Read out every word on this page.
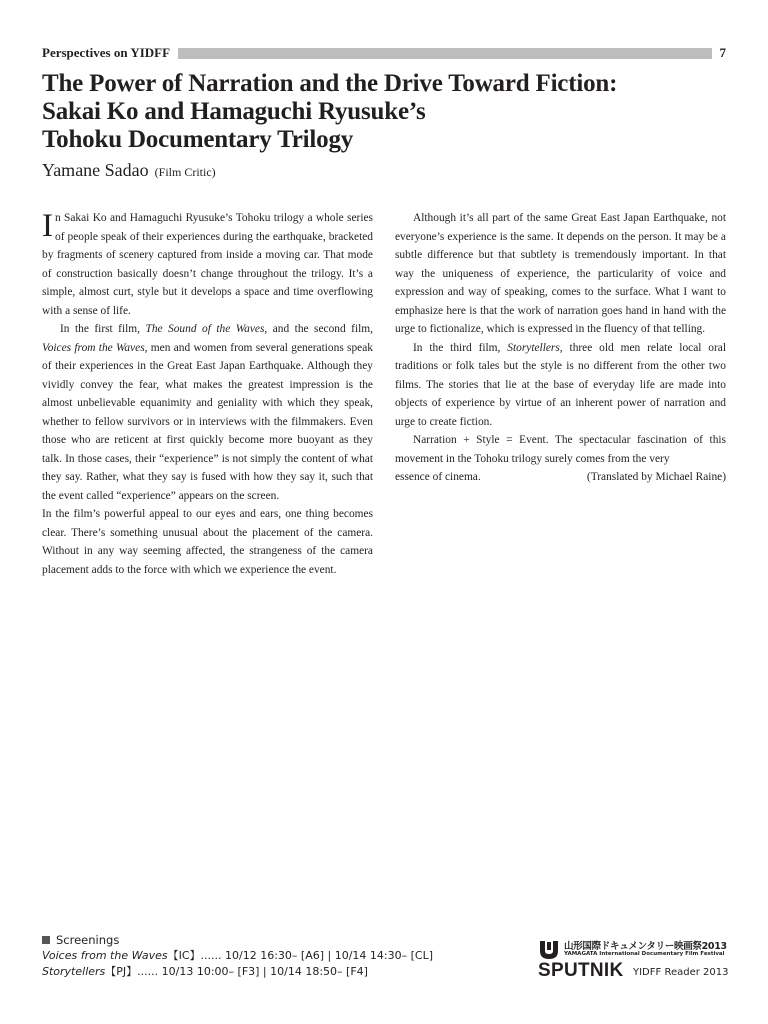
Perspectives on YIDFF	7
The Power of Narration and the Drive Toward Fiction:
Sakai Ko and Hamaguchi Ryusuke’s
Tohoku Documentary Trilogy
Yamane Sadao (Film Critic)

In Sakai Ko and Hamaguchi Ryusuke’s Tohoku trilogy a whole series of people speak of their experiences during the earthquake, bracketed by fragments of scenery captured from inside a moving car. That mode of construction basically doesn’t change throughout the trilogy. It’s a simple, almost curt, style but it develops a space and time overflowing with a sense of life.

In the first film, The Sound of the Waves, and the second film, Voices from the Waves, men and women from several generations speak of their experiences in the Great East Japan Earthquake. Although they vividly convey the fear, what makes the greatest impression is the almost unbelievable equanimity and geniality with which they speak, whether to fellow survivors or in interviews with the filmmakers. Even those who are reticent at first quickly become more buoyant as they talk. In those cases, their “experience” is not simply the content of what they say. Rather, what they say is fused with how they say it, such that the event called “experience” appears on the screen.

In the film’s powerful appeal to our eyes and ears, one thing becomes clear. There’s something unusual about the placement of the camera. Without in any way seeming affected, the strangeness of the camera placement adds to the force with which we experience the event.

Although it’s all part of the same Great East Japan Earthquake, not everyone’s experience is the same. It depends on the person. It may be a subtle difference but that subtlety is tremendously important. In that way the uniqueness of experience, the particularity of voice and expression and way of speaking, comes to the surface. What I want to emphasize here is that the work of narration goes hand in hand with the urge to fictionalize, which is expressed in the fluency of that telling.

In the third film, Storytellers, three old men relate local oral traditions or folk tales but the style is no different from the other two films. The stories that lie at the base of everyday life are made into objects of experience by virtue of an inherent power of narration and urge to create fiction.

Narration + Style = Event. The spectacular fascination of this movement in the Tohoku trilogy surely comes from the very

essence of cinema.	(Translated by Michael Raine)
Screenings
Voices from the Waves【IC】...... 10/12 16:30– [A6] | 10/14 14:30– [CL]
Storytellers【PJ】...... 10/13 10:00– [F3] | 10/14 18:50– [F4]
山形国際ドキュメンタリー映画祭2013
YAMAGATA International Documentary Film Festival
SPUTNIK YIDFF Reader 2013
